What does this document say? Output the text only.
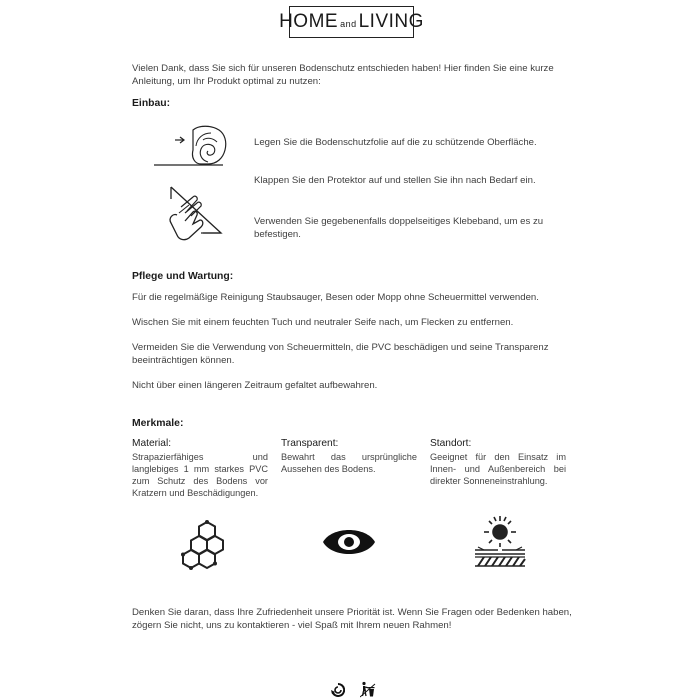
HOME and LIVING
Vielen Dank, dass Sie sich für unseren Bodenschutz entschieden haben! Hier finden Sie eine kurze Anleitung, um Ihr Produkt optimal zu nutzen:
Einbau:
Legen Sie die Bodenschutzfolie auf die zu schützende Oberfläche.
Klappen Sie den Protektor auf und stellen Sie ihn nach Bedarf ein.
Verwenden Sie gegebenenfalls doppelseitiges Klebeband, um es zu befestigen.
Pflege und Wartung:
Für die regelmäßige Reinigung Staubsauger, Besen oder Mopp ohne Scheuermittel verwenden.
Wischen Sie mit einem feuchten Tuch und neutraler Seife nach, um Flecken zu entfernen.
Vermeiden Sie die Verwendung von Scheuermitteln, die PVC beschädigen und seine Transparenz beeinträchtigen können.
Nicht über einen längeren Zeitraum gefaltet aufbewahren.
Merkmale:
Material:
Strapazierfähiges und langlebiges 1 mm starkes PVC zum Schutz des Bodens vor Kratzern und Beschädigungen.
Transparent:
Bewahrt das ursprüngliche Aussehen des Bodens.
Standort:
Geeignet für den Einsatz im Innen- und Außenbereich bei direkter Sonneneinstrahlung.
Denken Sie daran, dass Ihre Zufriedenheit unsere Priorität ist. Wenn Sie Fragen oder Bedenken haben, zögern Sie nicht, uns zu kontaktieren - viel Spaß mit Ihrem neuen Rahmen!
